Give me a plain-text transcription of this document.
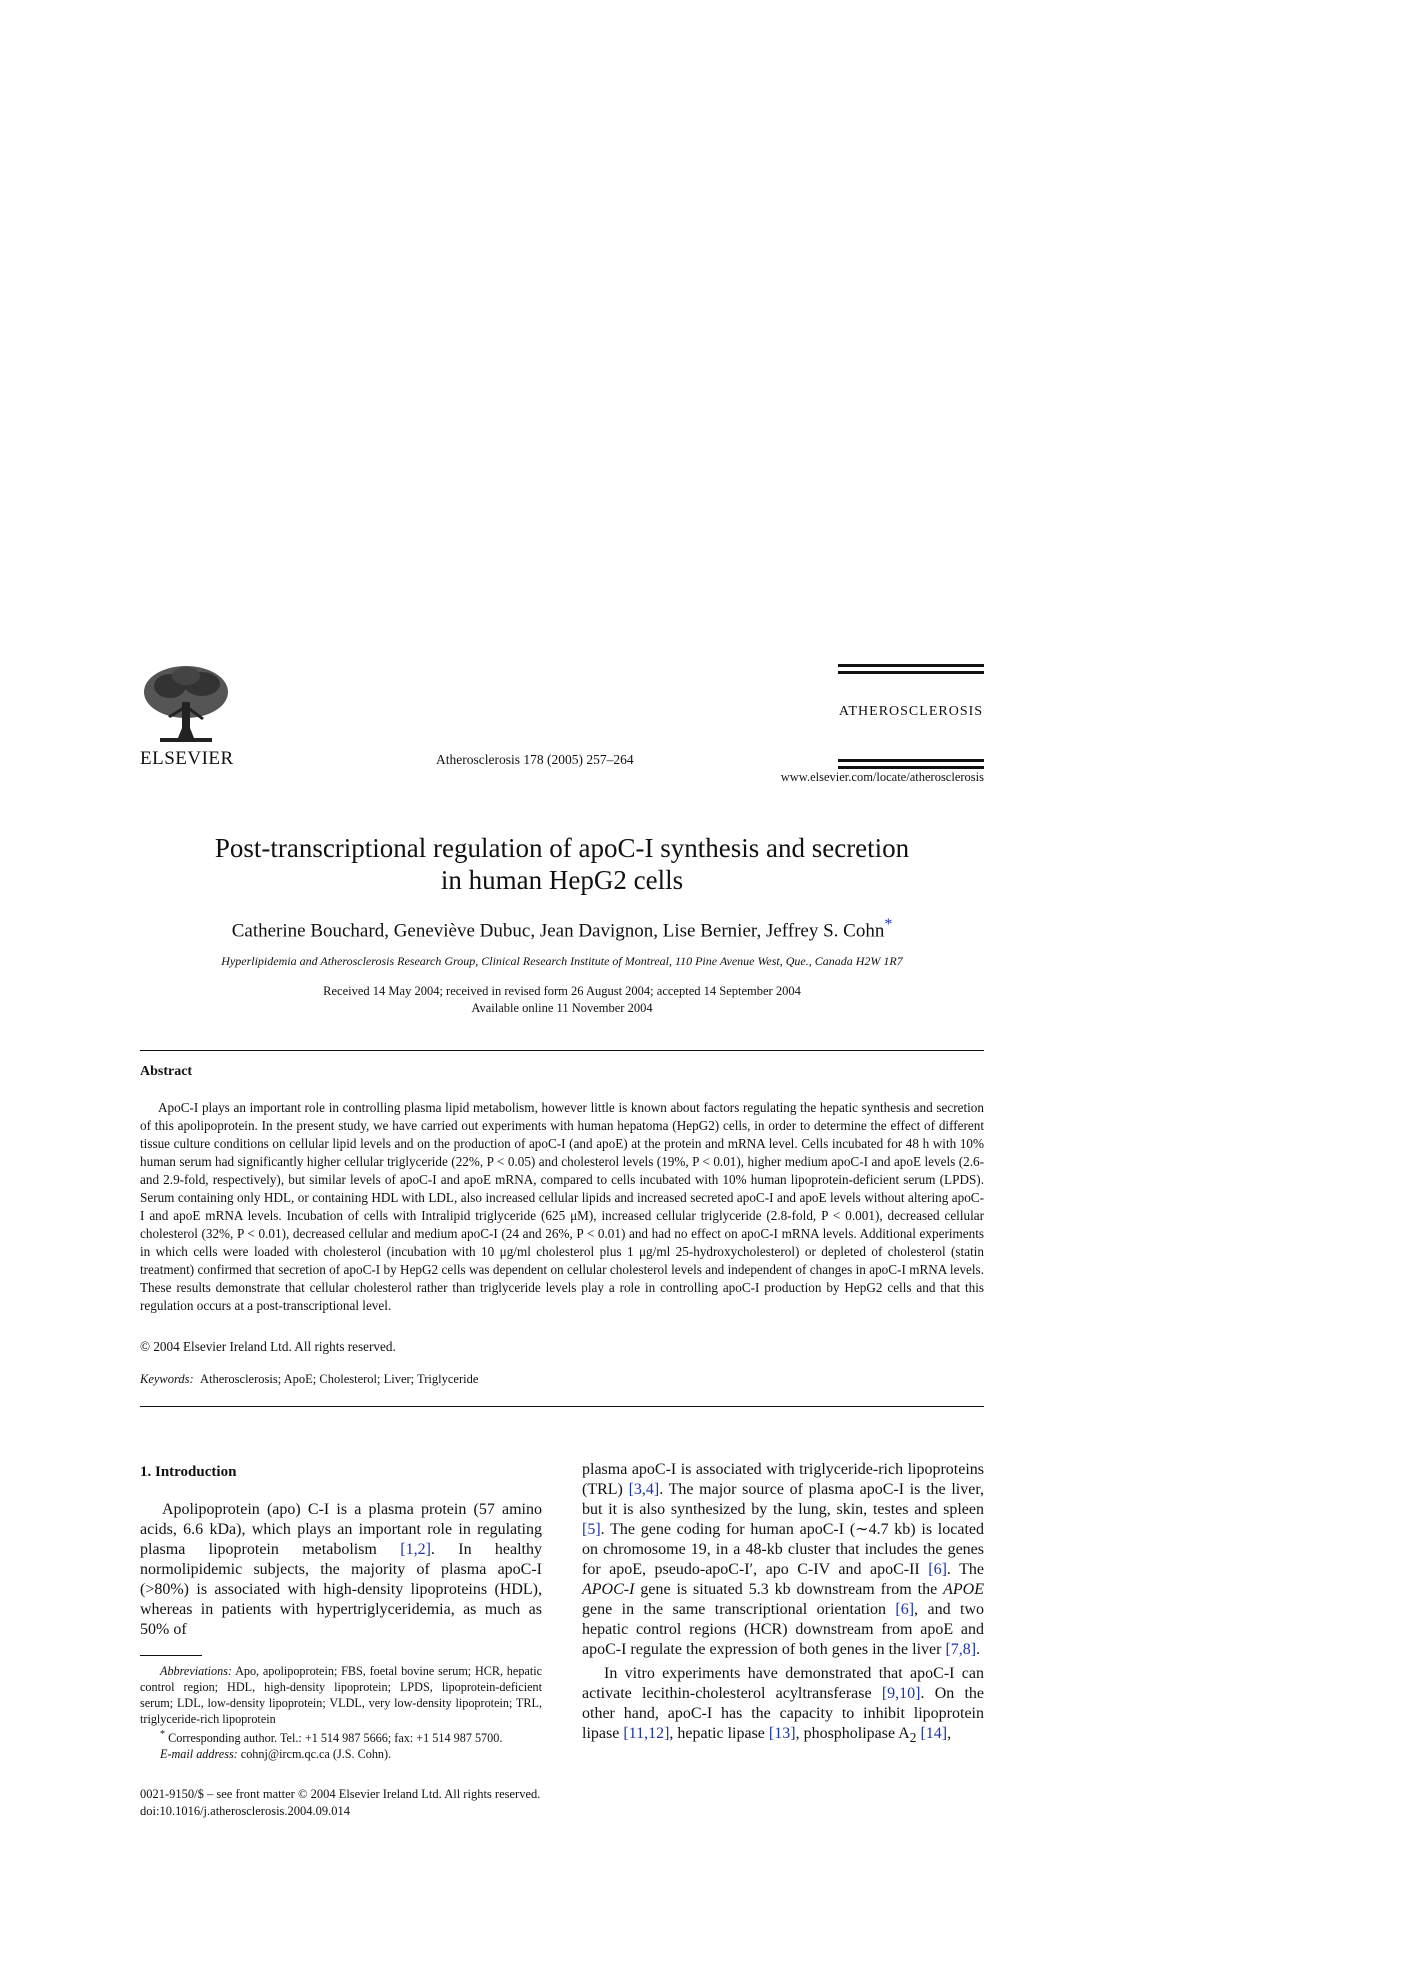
ELSEVIER	Atherosclerosis 178 (2005) 257–264
ATHEROSCLEROSIS
www.elsevier.com/locate/atherosclerosis
Post-transcriptional regulation of apoC-I synthesis and secretion
in human HepG2 cells
Catherine Bouchard, Geneviève Dubuc, Jean Davignon, Lise Bernier, Jeffrey S. Cohn*
Hyperlipidemia and Atherosclerosis Research Group, Clinical Research Institute of Montreal, 110 Pine Avenue West, Que., Canada H2W 1R7
Received 14 May 2004; received in revised form 26 August 2004; accepted 14 September 2004
Available online 11 November 2004
Abstract
ApoC-I plays an important role in controlling plasma lipid metabolism, however little is known about factors regulating the hepatic synthesis and secretion of this apolipoprotein. In the present study, we have carried out experiments with human hepatoma (HepG2) cells, in order to determine the effect of different tissue culture conditions on cellular lipid levels and on the production of apoC-I (and apoE) at the protein and mRNA level. Cells incubated for 48 h with 10% human serum had significantly higher cellular triglyceride (22%, P < 0.05) and cholesterol levels (19%, P < 0.01), higher medium apoC-I and apoE levels (2.6- and 2.9-fold, respectively), but similar levels of apoC-I and apoE mRNA, compared to cells incubated with 10% human lipoprotein-deficient serum (LPDS). Serum containing only HDL, or containing HDL with LDL, also increased cellular lipids and increased secreted apoC-I and apoE levels without altering apoC-I and apoE mRNA levels. Incubation of cells with Intralipid triglyceride (625 μM), increased cellular triglyceride (2.8-fold, P < 0.001), decreased cellular cholesterol (32%, P < 0.01), decreased cellular and medium apoC-I (24 and 26%, P < 0.01) and had no effect on apoC-I mRNA levels. Additional experiments in which cells were loaded with cholesterol (incubation with 10 μg/ml cholesterol plus 1 μg/ml 25-hydroxycholesterol) or depleted of cholesterol (statin treatment) confirmed that secretion of apoC-I by HepG2 cells was dependent on cellular cholesterol levels and independent of changes in apoC-I mRNA levels. These results demonstrate that cellular cholesterol rather than triglyceride levels play a role in controlling apoC-I production by HepG2 cells and that this regulation occurs at a post-transcriptional level.
© 2004 Elsevier Ireland Ltd. All rights reserved.
Keywords: Atherosclerosis; ApoE; Cholesterol; Liver; Triglyceride
1. Introduction
Apolipoprotein (apo) C-I is a plasma protein (57 amino acids, 6.6 kDa), which plays an important role in regulating plasma lipoprotein metabolism [1,2]. In healthy normolipidemic subjects, the majority of plasma apoC-I (>80%) is associated with high-density lipoproteins (HDL), whereas in patients with hypertriglyceridemia, as much as 50% of

plasma apoC-I is associated with triglyceride-rich lipoproteins (TRL) [3,4]. The major source of plasma apoC-I is the liver, but it is also synthesized by the lung, skin, testes and spleen [5]. The gene coding for human apoC-I (∼4.7 kb) is located on chromosome 19, in a 48-kb cluster that includes the genes for apoE, pseudo-apoC-I′, apo C-IV and apoC-II [6]. The APOC-I gene is situated 5.3 kb downstream from the APOE gene in the same transcriptional orientation [6], and two hepatic control regions (HCR) downstream from apoE and apoC-I regulate the expression of both genes in the liver [7,8].

In vitro experiments have demonstrated that apoC-I can activate lecithin-cholesterol acyltransferase [9,10]. On the other hand, apoC-I has the capacity to inhibit lipoprotein lipase [11,12], hepatic lipase [13], phospholipase $A_2$ [14],

Abbreviations: Apo, apolipoprotein; FBS, foetal bovine serum; HCR, hepatic control region; HDL, high-density lipoprotein; LPDS, lipoprotein-deficient serum; LDL, low-density lipoprotein; VLDL, very low-density lipoprotein; TRL, triglyceride-rich lipoprotein

* Corresponding author. Tel.: +1 514 987 5666; fax: +1 514 987 5700.

E-mail address: cohnj@ircm.qc.ca (J.S. Cohn).

0021-9150/$ – see front matter © 2004 Elsevier Ireland Ltd. All rights reserved.
doi:10.1016/j.atherosclerosis.2004.09.014
